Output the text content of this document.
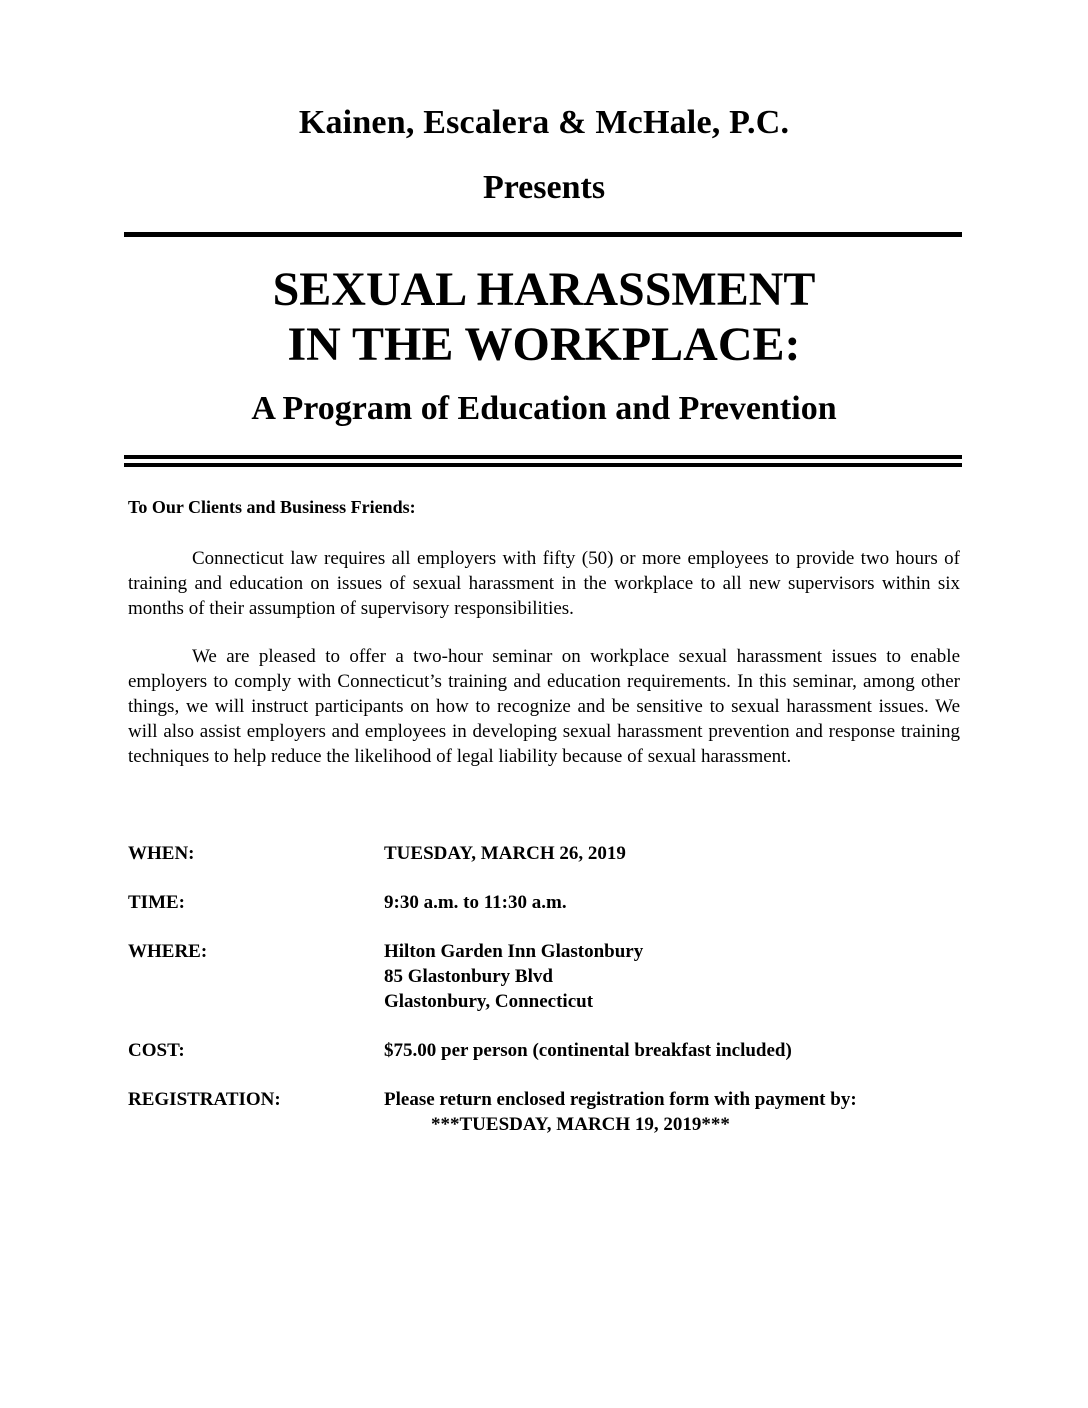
Kainen, Escalera & McHale, P.C.
Presents
SEXUAL HARASSMENT
IN THE WORKPLACE:
A Program of Education and Prevention
To Our Clients and Business Friends:
Connecticut law requires all employers with fifty (50) or more employees to provide two hours of training and education on issues of sexual harassment in the workplace to all new supervisors within six months of their assumption of supervisory responsibilities.
We are pleased to offer a two-hour seminar on workplace sexual harassment issues to enable employers to comply with Connecticut’s training and education requirements. In this seminar, among other things, we will instruct participants on how to recognize and be sensitive to sexual harassment issues. We will also assist employers and employees in developing sexual harassment prevention and response training techniques to help reduce the likelihood of legal liability because of sexual harassment.
WHEN:	TUESDAY, MARCH 26, 2019
TIME:	9:30 a.m. to 11:30 a.m.
WHERE:	Hilton Garden Inn Glastonbury
85 Glastonbury Blvd
Glastonbury, Connecticut
COST:	$75.00 per person (continental breakfast included)
REGISTRATION:	Please return enclosed registration form with payment by:
***TUESDAY, MARCH 19, 2019***
